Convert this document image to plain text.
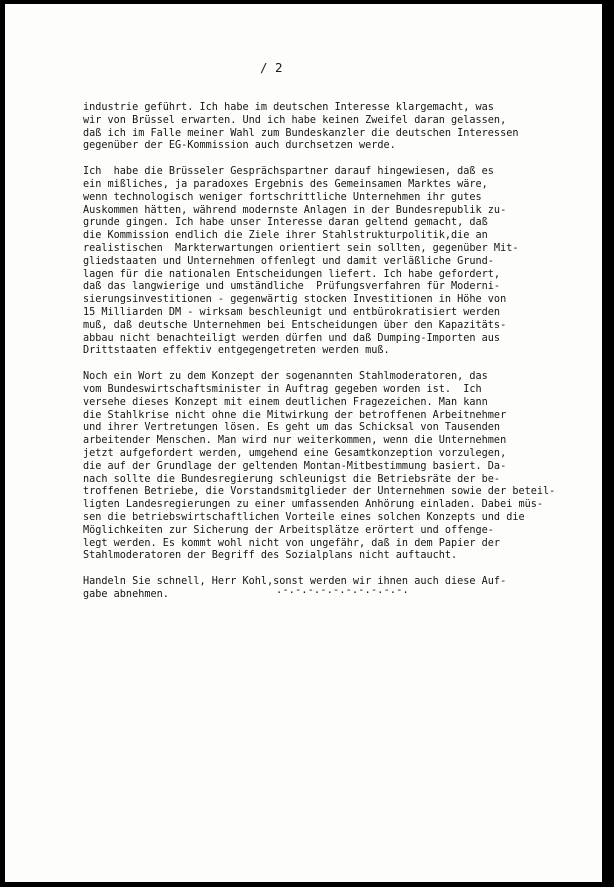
/ 2
industrie geführt. Ich habe im deutschen Interesse klargemacht, was
wir von Brüssel erwarten. Und ich habe keinen Zweifel daran gelassen,
daß ich im Falle meiner Wahl zum Bundeskanzler die deutschen Interessen
gegenüber der EG-Kommission auch durchsetzen werde.
Ich  habe die Brüsseler Gesprächspartner darauf hingewiesen, daß es
ein mißliches, ja paradoxes Ergebnis des Gemeinsamen Marktes wäre,
wenn technologisch weniger fortschrittliche Unternehmen ihr gutes
Auskommen hätten, während modernste Anlagen in der Bundesrepublik zu-
grunde gingen. Ich habe unser Interesse daran geltend gemacht, daß
die Kommission endlich die Ziele ihrer Stahlstrukturpolitik,die an
realistischen  Markterwartungen orientiert sein sollten, gegenüber Mit-
gliedstaaten und Unternehmen offenlegt und damit verläßliche Grund-
lagen für die nationalen Entscheidungen liefert. Ich habe gefordert,
daß das langwierige und umständliche  Prüfungsverfahren für Moderni-
sierungsinvestitionen - gegenwärtig stocken Investitionen in Höhe von
15 Milliarden DM - wirksam beschleunigt und entbürokratisiert werden
muß, daß deutsche Unternehmen bei Entscheidungen über den Kapazitäts-
abbau nicht benachteiligt werden dürfen und daß Dumping-Importen aus
Drittstaaten effektiv entgegengetreten werden muß.
Noch ein Wort zu dem Konzept der sogenannten Stahlmoderatoren, das
vom Bundeswirtschaftsminister in Auftrag gegeben worden ist.  Ich
versehe dieses Konzept mit einem deutlichen Fragezeichen. Man kann
die Stahlkrise nicht ohne die Mitwirkung der betroffenen Arbeitnehmer
und ihrer Vertretungen lösen. Es geht um das Schicksal von Tausenden
arbeitender Menschen. Man wird nur weiterkommen, wenn die Unternehmen
jetzt aufgefordert werden, umgehend eine Gesamtkonzeption vorzulegen,
die auf der Grundlage der geltenden Montan-Mitbestimmung basiert. Da-
nach sollte die Bundesregierung schleunigst die Betriebsräte der be-
troffenen Betriebe, die Vorstandsmitglieder der Unternehmen sowie der beteil-
ligten Landesregierungen zu einer umfassenden Anhörung einladen. Dabei müs-
sen die betriebswirtschaftlichen Vorteile eines solchen Konzepts und die
Möglichkeiten zur Sicherung der Arbeitsplätze erörtert und offenge-
legt werden. Es kommt wohl nicht von ungefähr, daß in dem Papier der
Stahlmoderatoren der Begriff des Sozialplans nicht auftaucht.
Handeln Sie schnell, Herr Kohl,sonst werden wir ihnen auch diese Auf-
gabe abnehmen.	.-.-.-.-.-.-.-.-.-.-.
